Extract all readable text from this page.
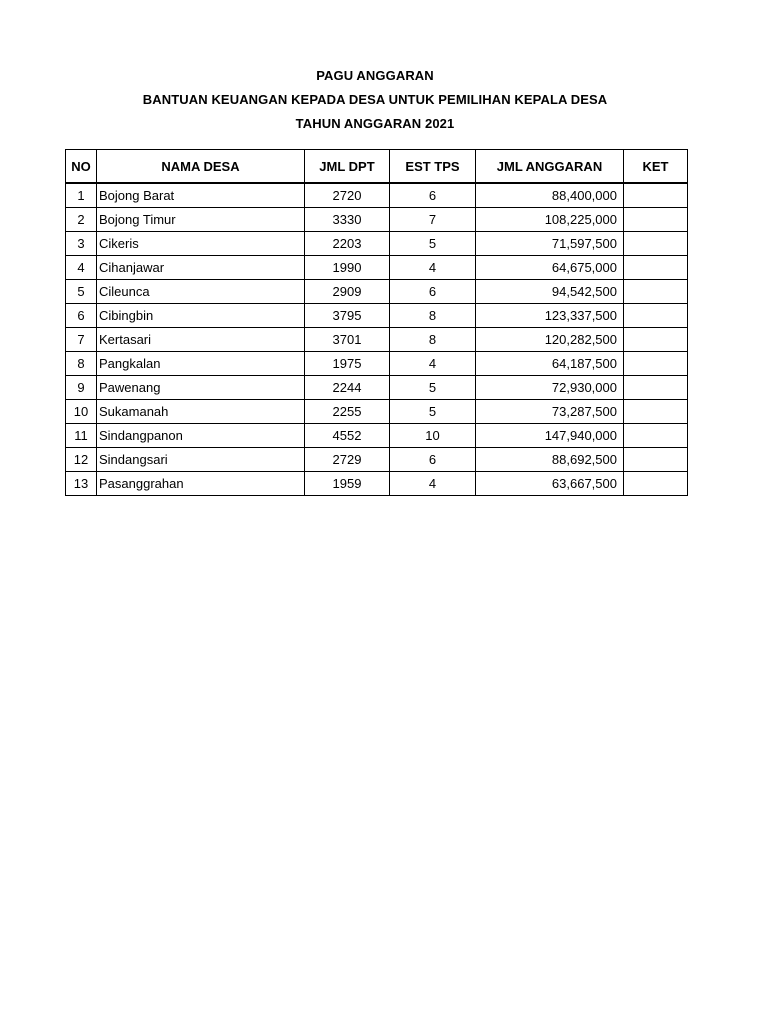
PAGU ANGGARAN
BANTUAN KEUANGAN KEPADA DESA UNTUK PEMILIHAN KEPALA DESA
TAHUN ANGGARAN 2021
NO	NAMA DESA	JML DPT	EST TPS	JML ANGGARAN	KET
1	Bojong Barat	2720	6	88,400,000	
2	Bojong Timur	3330	7	108,225,000	
3	Cikeris	2203	5	71,597,500	
4	Cihanjawar	1990	4	64,675,000	
5	Cileunca	2909	6	94,542,500	
6	Cibingbin	3795	8	123,337,500	
7	Kertasari	3701	8	120,282,500	
8	Pangkalan	1975	4	64,187,500	
9	Pawenang	2244	5	72,930,000	
10	Sukamanah	2255	5	73,287,500	
11	Sindangpanon	4552	10	147,940,000	
12	Sindangsari	2729	6	88,692,500	
13	Pasanggrahan	1959	4	63,667,500	
